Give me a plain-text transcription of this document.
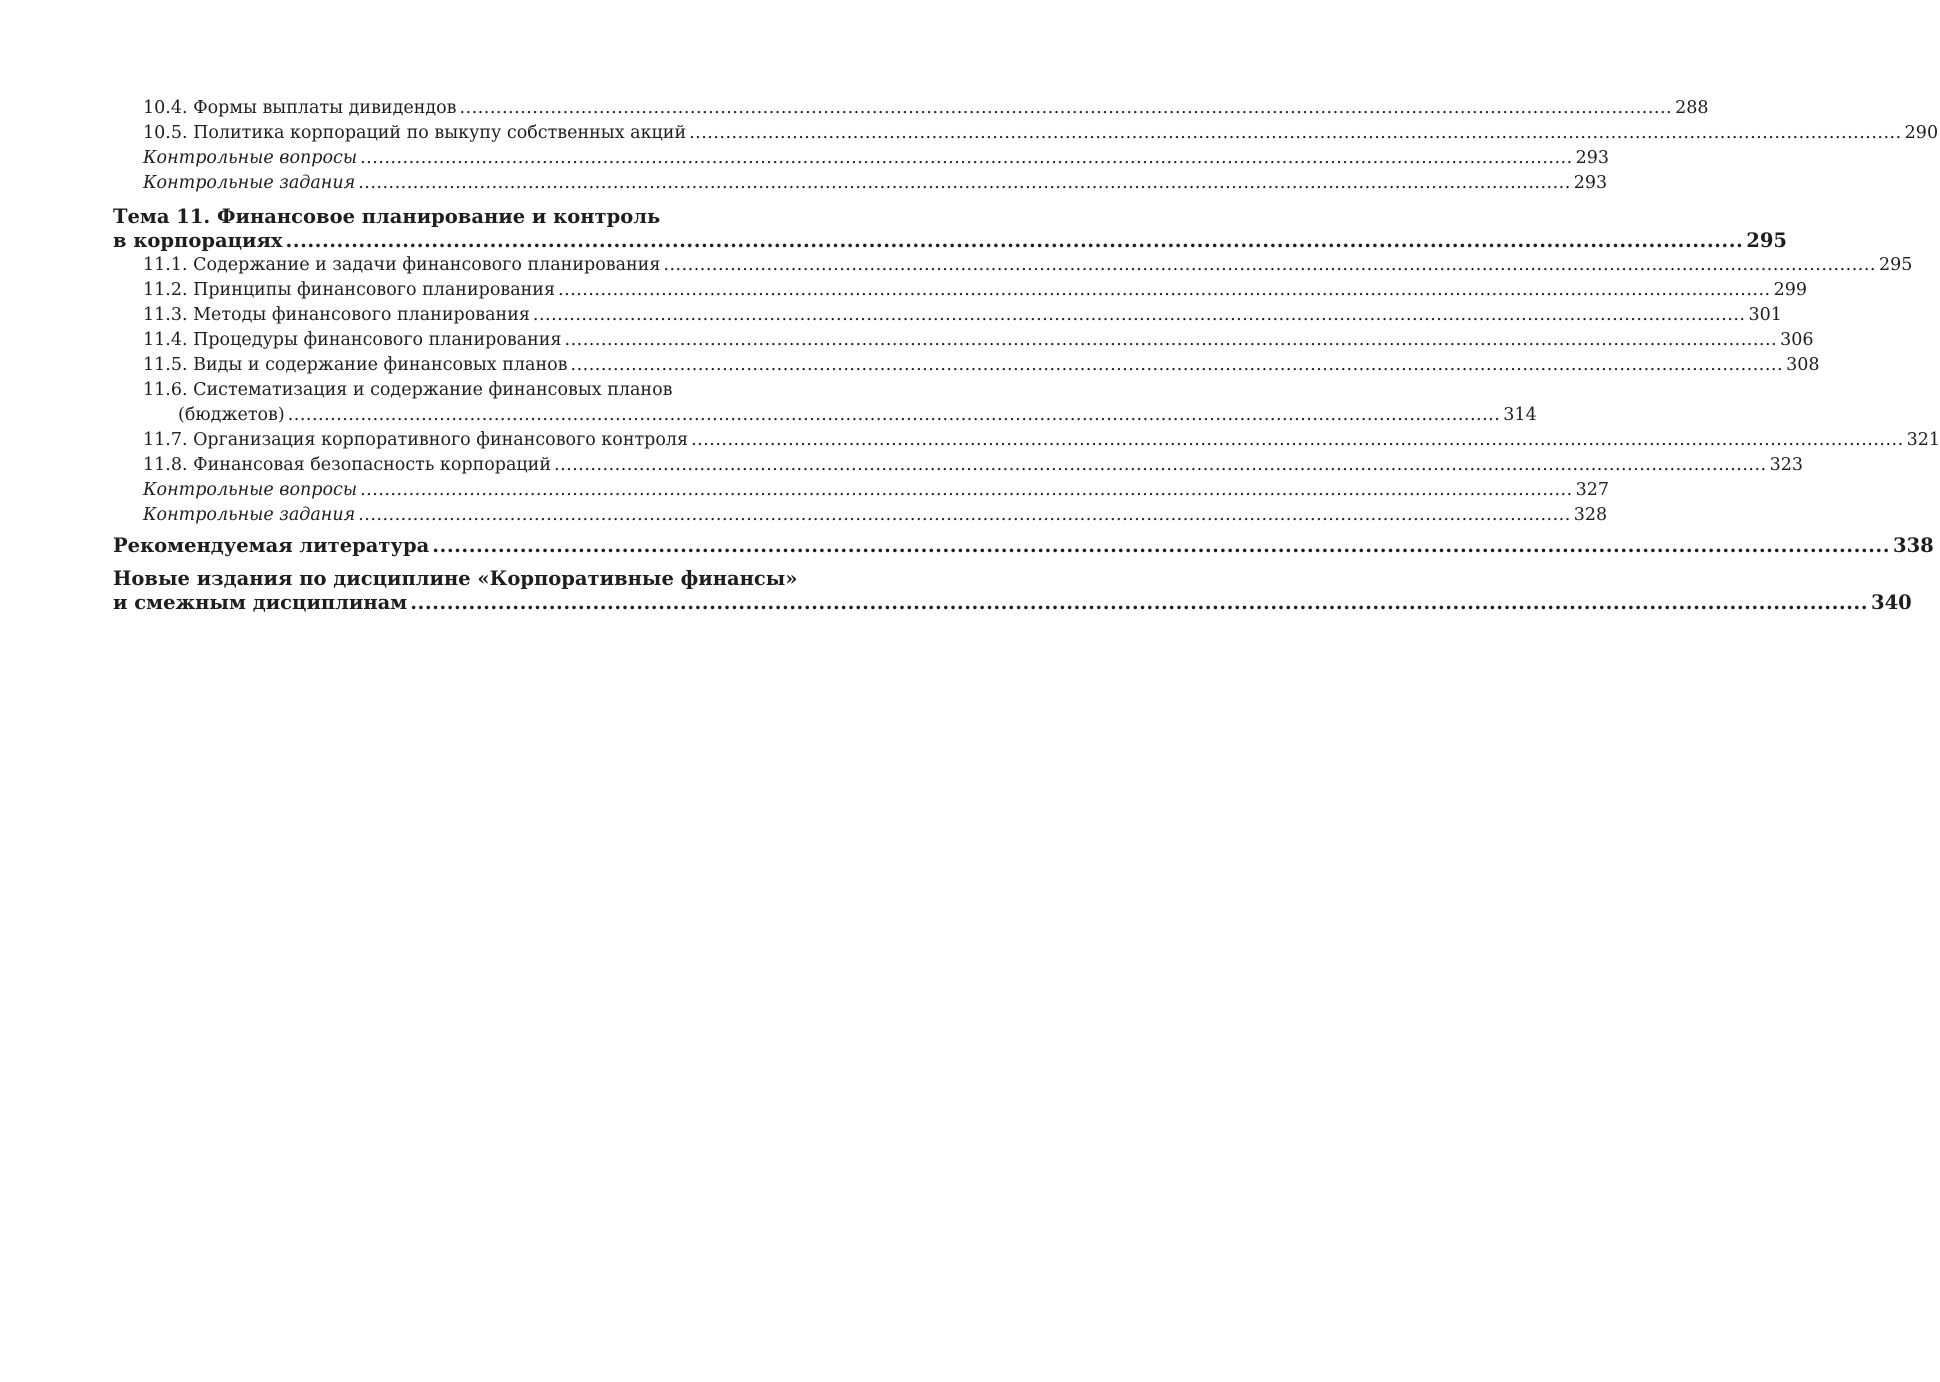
10.4. Формы выплаты дивидендов ........................................................................................................................................................................................................ 288
10.5. Политика корпораций по выкупу собственных акций ........................................................................................................................................................................................................ 290
Контрольные вопросы ........................................................................................................................................................................................................ 293
Контрольные задания ........................................................................................................................................................................................................ 293
Тема 11. Финансовое планирование и контроль
в корпорациях ........................................................................................................................................................................................................ 295
11.1. Содержание и задачи финансового планирования ........................................................................................................................................................................................................ 295
11.2. Принципы финансового планирования ........................................................................................................................................................................................................ 299
11.3. Методы финансового планирования ........................................................................................................................................................................................................ 301
11.4. Процедуры финансового планирования ........................................................................................................................................................................................................ 306
11.5. Виды и содержание финансовых планов ........................................................................................................................................................................................................ 308
11.6. Систематизация и содержание финансовых планов
(бюджетов) ........................................................................................................................................................................................................ 314
11.7. Организация корпоративного финансового контроля ........................................................................................................................................................................................................ 321
11.8. Финансовая безопасность корпораций ........................................................................................................................................................................................................ 323
Контрольные вопросы ........................................................................................................................................................................................................ 327
Контрольные задания ........................................................................................................................................................................................................ 328
Рекомендуемая литература ........................................................................................................................................................................................................ 338
Новые издания по дисциплине «Корпоративные финансы»
и смежным дисциплинам ........................................................................................................................................................................................................ 340
